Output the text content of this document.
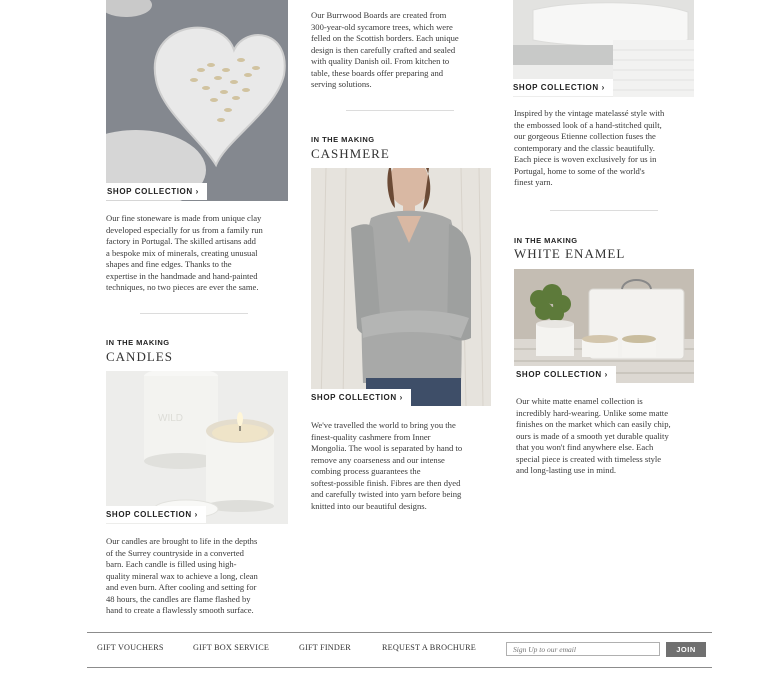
SHOP COLLECTION ›
Our fine stoneware is made from unique clay
developed especially for us from a family run
factory in Portugal. The skilled artisans add
a bespoke mix of minerals, creating unusual
shapes and fine edges. Thanks to the
expertise in the handmade and hand-painted
techniques, no two pieces are ever the same.
IN THE MAKING
CANDLES
WILD
SHOP COLLECTION ›
Our candles are brought to life in the depths
of the Surrey countryside in a converted
barn. Each candle is filled using high-
quality mineral wax to achieve a long, clean
and even burn. After cooling and setting for
48 hours, the candles are flame flashed by
hand to create a flawlessly smooth surface.
Our Burrwood Boards are created from
300-year-old sycamore trees, which were
felled on the Scottish borders. Each unique
design is then carefully crafted and sealed
with quality Danish oil. From kitchen to
table, these boards offer preparing and
serving solutions.
IN THE MAKING
CASHMERE
SHOP COLLECTION ›
We've travelled the world to bring you the
finest-quality cashmere from Inner
Mongolia. The wool is separated by hand to
remove any coarseness and our intense
combing process guarantees the
softest-possible finish. Fibres are then dyed
and carefully twisted into yarn before being
knitted into our beautiful designs.
SHOP COLLECTION ›
Inspired by the vintage matelassé style with
the embossed look of a hand-stitched quilt,
our gorgeous Etienne collection fuses the
contemporary and the classic beautifully.
Each piece is woven exclusively for us in
Portugal, home to some of the world's
finest yarn.
IN THE MAKING
WHITE ENAMEL
SHOP COLLECTION ›
Our white matte enamel collection is
incredibly hard-wearing. Unlike some matte
finishes on the market which can easily chip,
ours is made of a smooth yet durable quality
that you won't find anywhere else. Each
special piece is created with timeless style
and long-lasting use in mind.
GIFT VOUCHERS	GIFT BOX SERVICE	GIFT FINDER	REQUEST A BROCHURE
Sign Up to our email	JOIN
